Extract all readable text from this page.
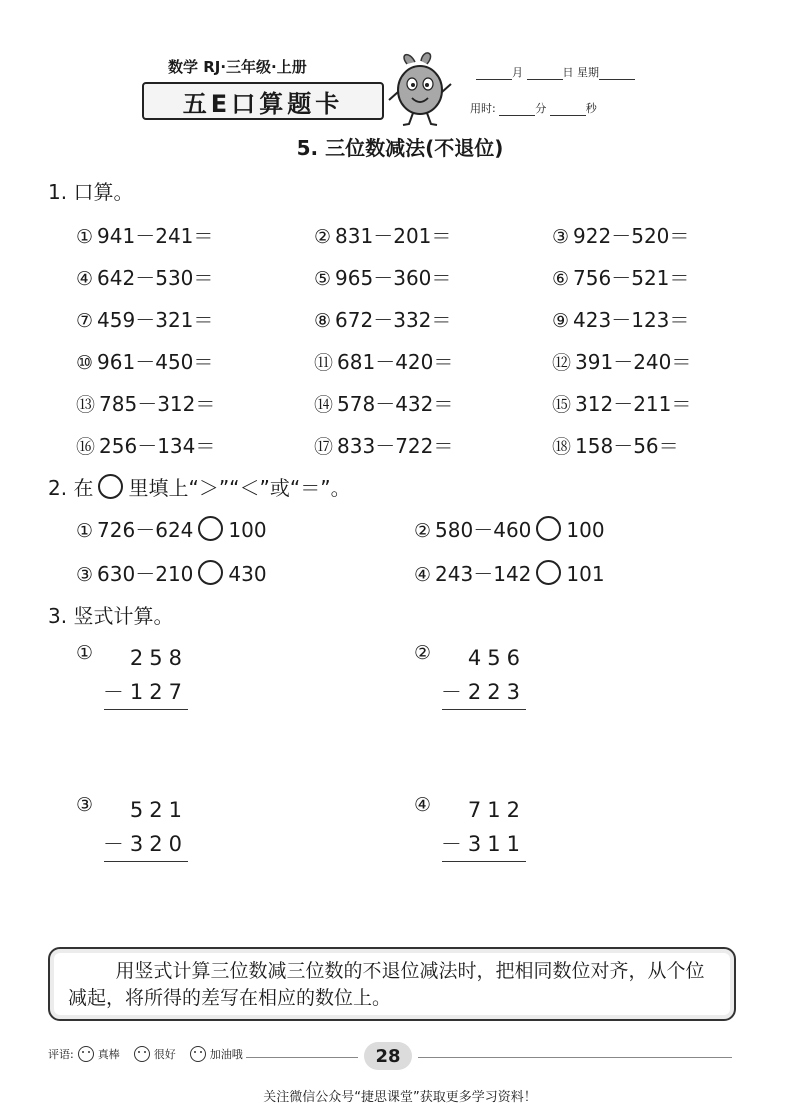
数学 RJ·三年级·上册
五E口算题卡
月	日 星期
用时:	分	秒
5. 三位数减法(不退位)
1. 口算。
① 941－241＝	② 831－201＝	③ 922－520＝
④ 642－530＝	⑤ 965－360＝	⑥ 756－521＝
⑦ 459－321＝	⑧ 672－332＝	⑨ 423－123＝
⑩ 961－450＝	⑪ 681－420＝	⑫ 391－240＝
⑬ 785－312＝	⑭ 578－432＝	⑮ 312－211＝
⑯ 256－134＝	⑰ 833－722＝	⑱ 158－56＝
2. 在 里填上“＞”“＜”或“＝”。
① 726－624 100	② 580－460 100
③ 630－210 430	④ 243－142 101
3. 竖式计算。
①	258
－127
②	456
－223
③	521
－320
④	712
－311
用竖式计算三位数减三位数的不退位减法时，把相同数位对齐，从个位减起，将所得的差写在相应的数位上。
评语: 真棒	很好	加油哦	28
关注微信公众号“捷思课堂”获取更多学习资料！
